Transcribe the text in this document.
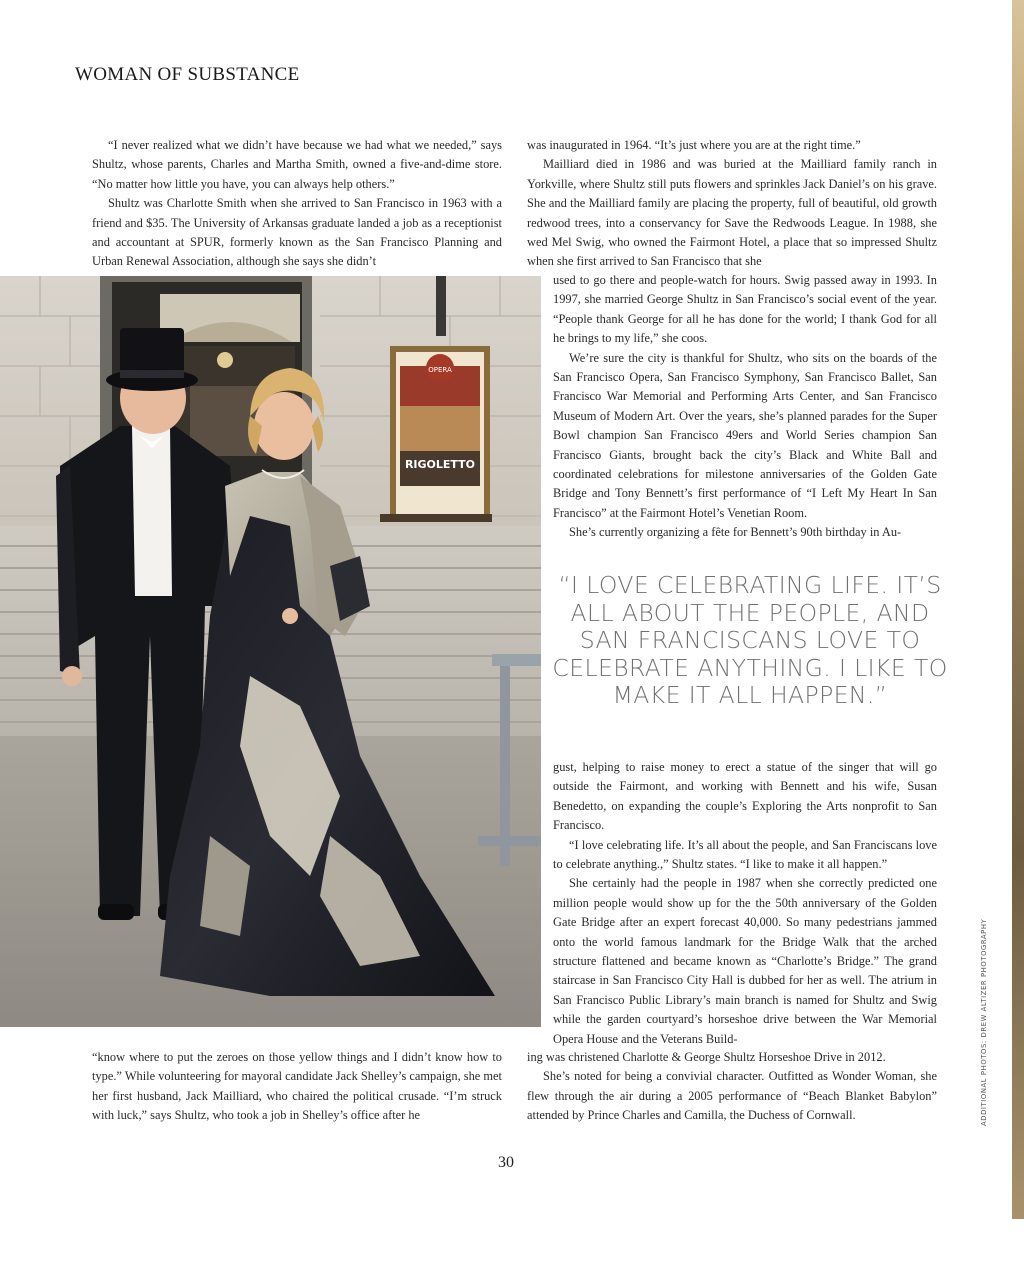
WOMAN OF SUBSTANCE

“I never realized what we didn’t have because we had what we needed,” says Shultz, whose parents, Charles and Martha Smith, owned a five-and-dime store. “No matter how little you have, you can always help others.”

Shultz was Charlotte Smith when she arrived to San Francisco in 1963 with a friend and $35. The University of Arkansas graduate landed a job as a receptionist and accountant at SPUR, formerly known as the San Francisco Planning and Urban Renewal Association, although she says she didn’t

was inaugurated in 1964. “It’s just where you are at the right time.”

Mailliard died in 1986 and was buried at the Mailliard family ranch in Yorkville, where Shultz still puts flowers and sprinkles Jack Daniel’s on his grave. She and the Mailliard family are placing the property, full of beautiful, old growth redwood trees, into a conservancy for Save the Redwoods League. In 1988, she wed Mel Swig, who owned the Fairmont Hotel, a place that so impressed Shultz when she first arrived to San Francisco that she

used to go there and people-watch for hours. Swig passed away in 1993. In 1997, she married George Shultz in San Francisco’s social event of the year. “People thank George for all he has done for the world; I thank God for all he brings to my life,” she coos.

We’re sure the city is thankful for Shultz, who sits on the boards of the San Francisco Opera, San Francisco Symphony, San Francisco Ballet, San Francisco War Memorial and Performing Arts Center, and San Francisco Museum of Modern Art. Over the years, she’s planned parades for the Super Bowl champion San Francisco 49ers and World Series champion San Francisco Giants, brought back the city’s Black and White Ball and coordinated celebrations for milestone anniversaries of the Golden Gate Bridge and Tony Bennett’s first performance of “I Left My Heart In San Francisco” at the Fairmont Hotel’s Venetian Room.

She’s currently organizing a fête for Bennett’s 90th birthday in Au-

“I LOVE CELEBRATING LIFE. IT’S ALL ABOUT THE PEOPLE, AND SAN FRANCISCANS LOVE TO CELEBRATE ANYTHING. I LIKE TO MAKE IT ALL HAPPEN.”

gust, helping to raise money to erect a statue of the singer that will go outside the Fairmont, and working with Bennett and his wife, Susan Benedetto, on expanding the couple’s Exploring the Arts nonprofit to San Francisco.

“I love celebrating life. It’s all about the people, and San Franciscans love to celebrate anything.,” Shultz states. “I like to make it all happen.”

She certainly had the people in 1987 when she correctly predicted one million people would show up for the the 50th anniversary of the Golden Gate Bridge after an expert forecast 40,000. So many pedestrians jammed onto the world famous landmark for the Bridge Walk that the arched structure flattened and became known as “Charlotte’s Bridge.” The grand staircase in San Francisco City Hall is dubbed for her as well. The atrium in San Francisco Public Library’s main branch is named for Shultz and Swig while the garden courtyard’s horseshoe drive between the War Memorial Opera House and the Veterans Build-

ing was christened Charlotte & George Shultz Horseshoe Drive in 2012.

She’s noted for being a convivial character. Outfitted as Wonder Woman, she flew through the air during a 2005 performance of “Beach Blanket Babylon” attended by Prince Charles and Camilla, the Duchess of Cornwall.

“know where to put the zeroes on those yellow things and I didn’t know how to type.” While volunteering for mayoral candidate Jack Shelley’s campaign, she met her first husband, Jack Mailliard, who chaired the political crusade. “I’m struck with luck,” says Shultz, who took a job in Shelley’s office after he

OPERA
RIGOLETTO
George Shultz and Charlotte Mailliard Shultz at San Francisco Opera Ball 2012
ADDITIONAL PHOTOS: DREW ALTIZER PHOTOGRAPHY
30
